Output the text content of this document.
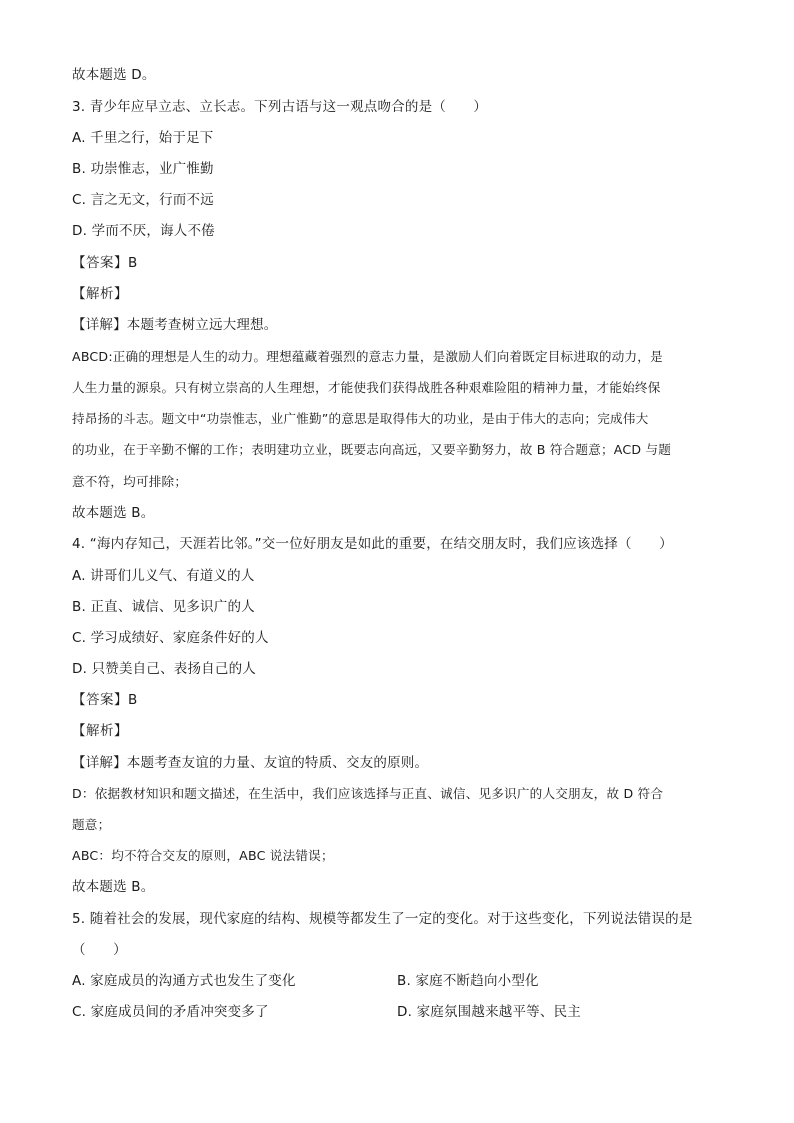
故本题选 D。
3. 青少年应早立志、立长志。下列古语与这一观点吻合的是（　　）
A. 千里之行，始于足下
B. 功崇惟志，业广惟勤
C. 言之无文，行而不远
D. 学而不厌，诲人不倦
【答案】B
【解析】
【详解】本题考查树立远大理想。
ABCD:正确的理想是人生的动力。理想蕴藏着强烈的意志力量，是激励人们向着既定目标进取的动力，是
人生力量的源泉。只有树立崇高的人生理想，才能使我们获得战胜各种艰难险阻的精神力量，才能始终保
持昂扬的斗志。题文中“功崇惟志，业广惟勤”的意思是取得伟大的功业，是由于伟大的志向；完成伟大
的功业，在于辛勤不懈的工作；表明建功立业，既要志向高远，又要辛勤努力，故 B 符合题意；ACD 与题
意不符，均可排除；
故本题选 B。
4. “海内存知己，天涯若比邻。”交一位好朋友是如此的重要，在结交朋友时，我们应该选择（　　）
A. 讲哥们儿义气、有道义的人
B. 正直、诚信、见多识广的人
C. 学习成绩好、家庭条件好的人
D. 只赞美自己、表扬自己的人
【答案】B
【解析】
【详解】本题考查友谊的力量、友谊的特质、交友的原则。
D：依据教材知识和题文描述，在生活中，我们应该选择与正直、诚信、见多识广的人交朋友，故 D 符合
题意；
ABC：均不符合交友的原则，ABC 说法错误；
故本题选 B。
5. 随着社会的发展，现代家庭的结构、规模等都发生了一定的变化。对于这些变化，下列说法错误的是
（　　）
A. 家庭成员的沟通方式也发生了变化	B. 家庭不断趋向小型化
C. 家庭成员间的矛盾冲突变多了	D. 家庭氛围越来越平等、民主
